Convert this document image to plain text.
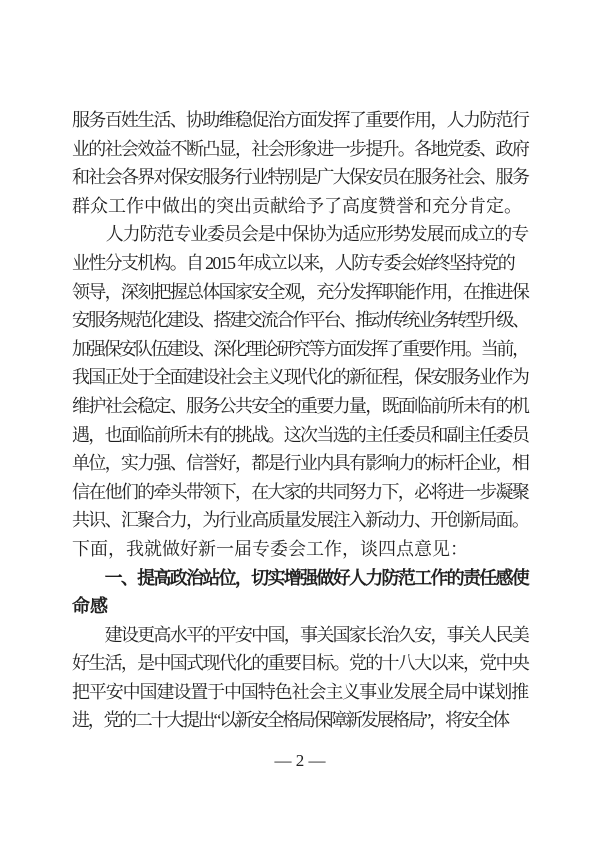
服务百姓生活、协助维稳促治方面发挥了重要作用，人力防范行
业的社会效益不断凸显，社会形象进一步提升。各地党委、政府
和社会各界对保安服务行业特别是广大保安员在服务社会、服务
群众工作中做出的突出贡献给予了高度赞誉和充分肯定。
人力防范专业委员会是中保协为适应形势发展而成立的专
业性分支机构。自 2015 年成立以来，人防专委会始终坚持党的
领导，深刻把握总体国家安全观，充分发挥职能作用，在推进保
安服务规范化建设、搭建交流合作平台、推动传统业务转型升级、
加强保安队伍建设、深化理论研究等方面发挥了重要作用。当前，
我国正处于全面建设社会主义现代化的新征程，保安服务业作为
维护社会稳定、服务公共安全的重要力量，既面临前所未有的机
遇，也面临前所未有的挑战。这次当选的主任委员和副主任委员
单位，实力强、信誉好，都是行业内具有影响力的标杆企业，相
信在他们的牵头带领下，在大家的共同努力下，必将进一步凝聚
共识、汇聚合力，为行业高质量发展注入新动力、开创新局面。
下面，我就做好新一届专委会工作，谈四点意见：
一、提高政治站位，切实增强做好人力防范工作的责任感使
命感
建设更高水平的平安中国，事关国家长治久安，事关人民美
好生活，是中国式现代化的重要目标。党的十八大以来，党中央
把平安中国建设置于中国特色社会主义事业发展全局中谋划推
进，党的二十大提出“以新安全格局保障新发展格局”，将安全体
— 2 —
